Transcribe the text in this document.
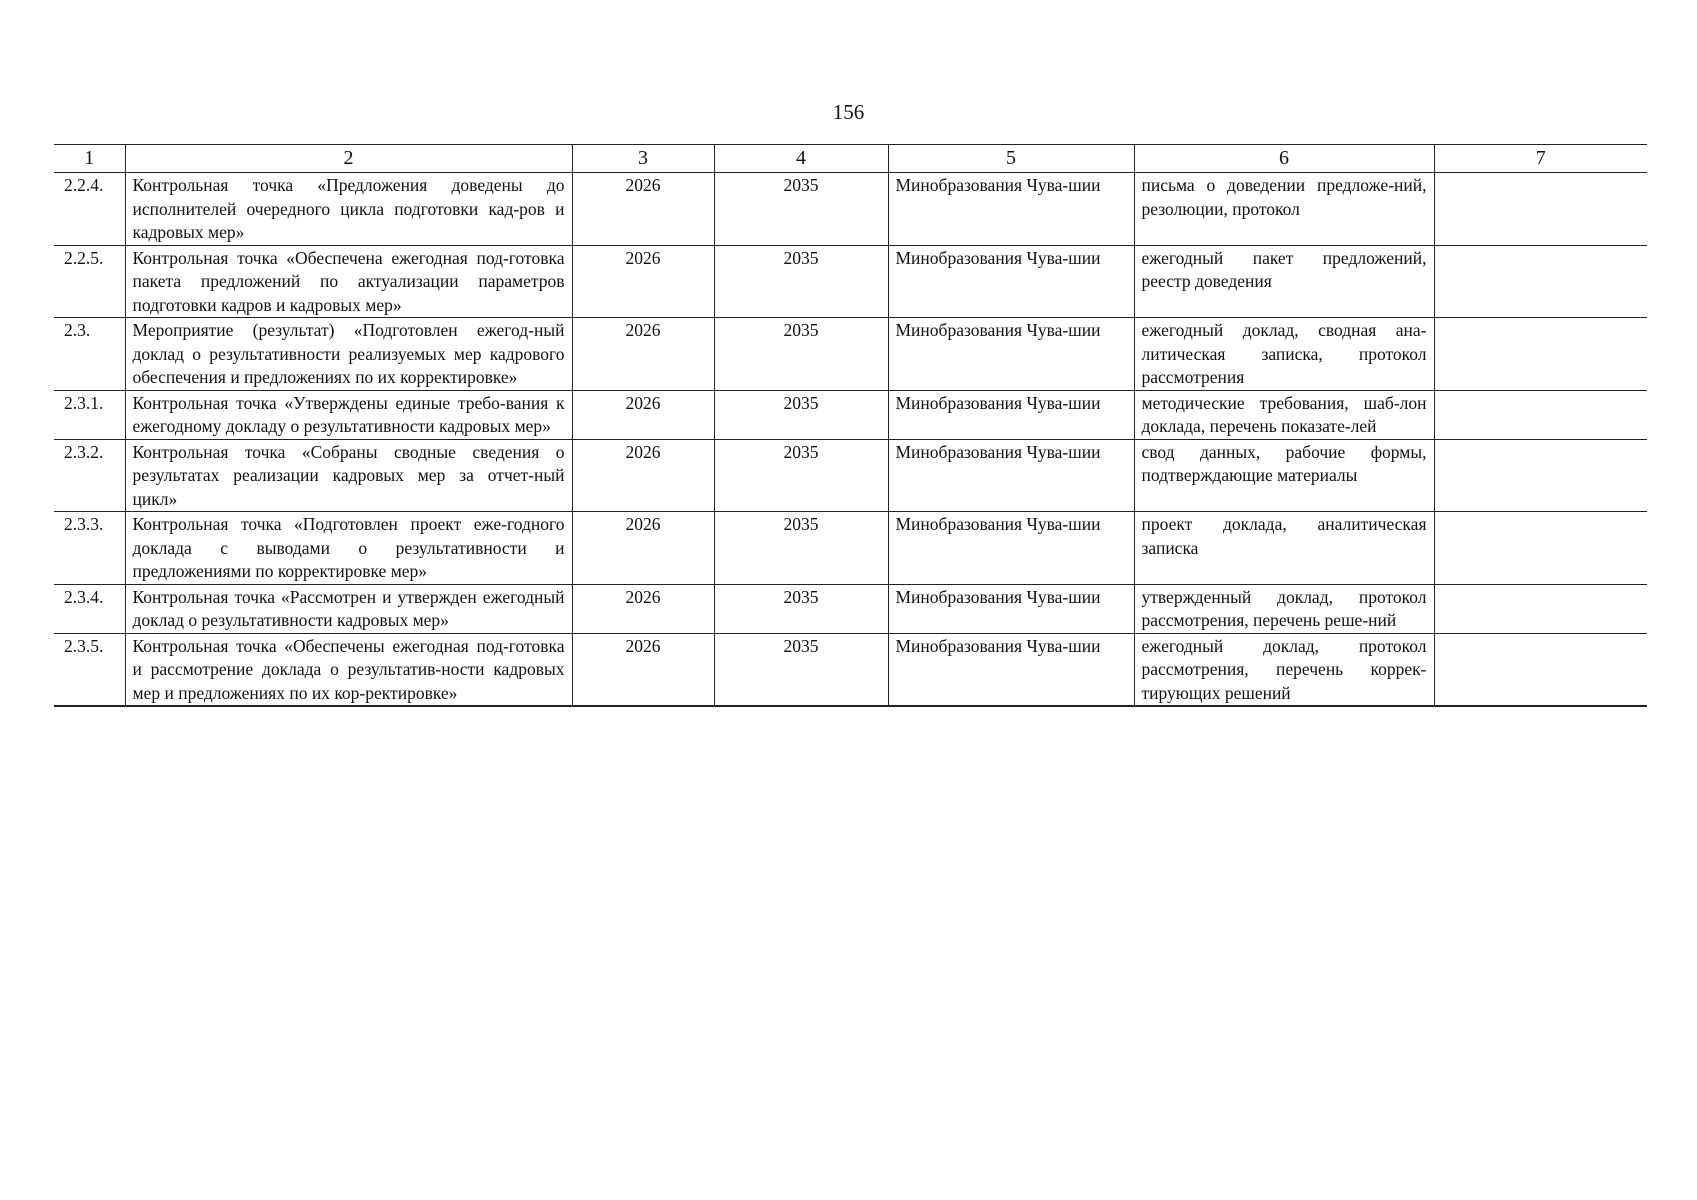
156
1	2	3	4	5	6	7
2.2.4.	Контрольная точка «Предложения доведены до исполнителей очередного цикла подготовки кад-ров и кадровых мер»	2026	2035	Минобразования Чува-шии	письма о доведении предложе-ний, резолюции, протокол	
2.2.5.	Контрольная точка «Обеспечена ежегодная под-готовка пакета предложений по актуализации параметров подготовки кадров и кадровых мер»	2026	2035	Минобразования Чува-шии	ежегодный пакет предложений, реестр доведения	
2.3.	Мероприятие (результат) «Подготовлен ежегод-ный доклад о результативности реализуемых мер кадрового обеспечения и предложениях по их корректировке»	2026	2035	Минобразования Чува-шии	ежегодный доклад, сводная ана-литическая записка, протокол рассмотрения	
2.3.1.	Контрольная точка «Утверждены единые требо-вания к ежегодному докладу о результативности кадровых мер»	2026	2035	Минобразования Чува-шии	методические требования, шаб-лон доклада, перечень показате-лей	
2.3.2.	Контрольная точка «Собраны сводные сведения о результатах реализации кадровых мер за отчет-ный цикл»	2026	2035	Минобразования Чува-шии	свод данных, рабочие формы, подтверждающие материалы	
2.3.3.	Контрольная точка «Подготовлен проект еже-годного доклада с выводами о результативности и предложениями по корректировке мер»	2026	2035	Минобразования Чува-шии	проект доклада, аналитическая записка	
2.3.4.	Контрольная точка «Рассмотрен и утвержден ежегодный доклад о результативности кадровых мер»	2026	2035	Минобразования Чува-шии	утвержденный доклад, протокол рассмотрения, перечень реше-ний	
2.3.5.	Контрольная точка «Обеспечены ежегодная под-готовка и рассмотрение доклада о результатив-ности кадровых мер и предложениях по их кор-ректировке»	2026	2035	Минобразования Чува-шии	ежегодный доклад, протокол рассмотрения, перечень коррек-тирующих решений	
